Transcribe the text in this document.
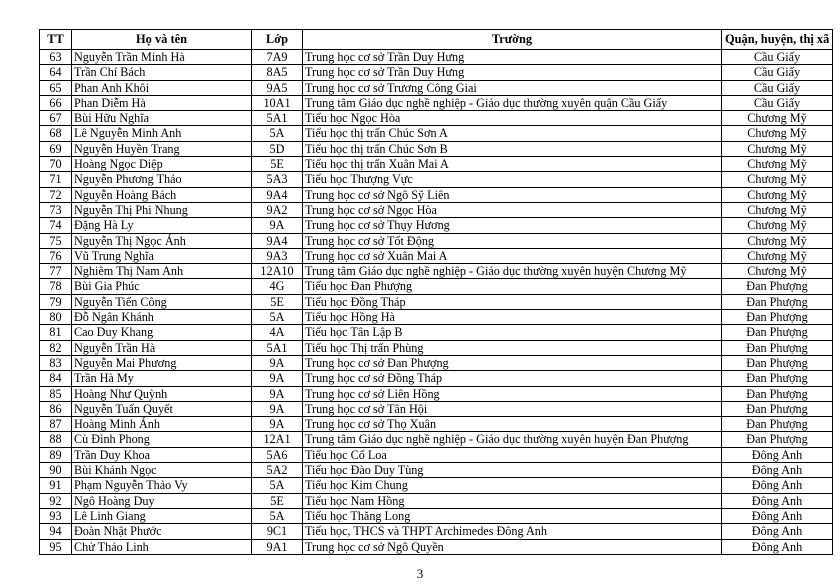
TT	Họ và tên	Lớp	Trường	Quận, huyện, thị xã
63	Nguyễn Trần Minh Hà	7A9	Trung học cơ sở Trần Duy Hưng	Cầu Giấy
64	Trần Chí Bách	8A5	Trung học cơ sở Trần Duy Hưng	Cầu Giấy
65	Phan Anh Khôi	9A5	Trung học cơ sở Trương Công Giai	Cầu Giấy
66	Phan Diễm Hà	10A1	Trung tâm Giáo dục nghề nghiệp - Giáo dục thường xuyên quận Cầu Giấy	Cầu Giấy
67	Bùi Hữu Nghĩa	5A1	Tiểu học Ngọc Hòa	Chương Mỹ
68	Lê Nguyễn Minh Anh	5A	Tiểu học thị trấn Chúc Sơn A	Chương Mỹ
69	Nguyễn Huyền Trang	5D	Tiểu học thị trấn Chúc Sơn B	Chương Mỹ
70	Hoàng Ngọc Diệp	5E	Tiểu học thị trấn Xuân Mai A	Chương Mỹ
71	Nguyễn Phương Thảo	5A3	Tiểu học Thượng Vực	Chương Mỹ
72	Nguyễn Hoàng Bách	9A4	Trung học cơ sở Ngô Sỹ Liên	Chương Mỹ
73	Nguyễn Thị Phi Nhung	9A2	Trung học cơ sở Ngọc Hòa	Chương Mỹ
74	Đặng Hà Ly	9A	Trung học cơ sở Thụy Hương	Chương Mỹ
75	Nguyễn Thị Ngọc Ánh	9A4	Trung học cơ sở Tốt Động	Chương Mỹ
76	Vũ Trung Nghĩa	9A3	Trung học cơ sở Xuân Mai A	Chương Mỹ
77	Nghiêm Thị Nam Anh	12A10	Trung tâm Giáo dục nghề nghiệp - Giáo dục thường xuyên huyện Chương Mỹ	Chương Mỹ
78	Bùi Gia Phúc	4G	Tiểu học Đan Phượng	Đan Phượng
79	Nguyễn Tiến Công	5E	Tiểu học Đồng Tháp	Đan Phượng
80	Đỗ Ngân Khánh	5A	Tiểu học Hồng Hà	Đan Phượng
81	Cao Duy Khang	4A	Tiểu học Tân Lập B	Đan Phượng
82	Nguyễn Trần Hà	5A1	Tiểu học Thị trấn Phùng	Đan Phượng
83	Nguyễn Mai Phương	9A	Trung học cơ sở Đan Phượng	Đan Phượng
84	Trần Hà My	9A	Trung học cơ sở Đồng Tháp	Đan Phượng
85	Hoàng Như Quỳnh	9A	Trung học cơ sở Liên Hồng	Đan Phượng
86	Nguyễn Tuấn Quyết	9A	Trung học cơ sở Tân Hội	Đan Phượng
87	Hoàng Minh Ánh	9A	Trung học cơ sở Thọ Xuân	Đan Phượng
88	Cù Đình Phong	12A1	Trung tâm Giáo dục nghề nghiệp - Giáo dục thường xuyên huyện Đan Phượng	Đan Phượng
89	Trần Duy Khoa	5A6	Tiểu học Cổ Loa	Đông Anh
90	Bùi Khánh Ngọc	5A2	Tiểu học Đào Duy Tùng	Đông Anh
91	Phạm Nguyễn Thảo Vy	5A	Tiểu học Kim Chung	Đông Anh
92	Ngô Hoàng Duy	5E	Tiểu học Nam Hồng	Đông Anh
93	Lê Linh Giang	5A	Tiểu học Thăng Long	Đông Anh
94	Đoàn Nhật Phước	9C1	Tiểu học, THCS và THPT Archimedes Đông Anh	Đông Anh
95	Chử Thảo Linh	9A1	Trung học cơ sở Ngô Quyền	Đông Anh
3
